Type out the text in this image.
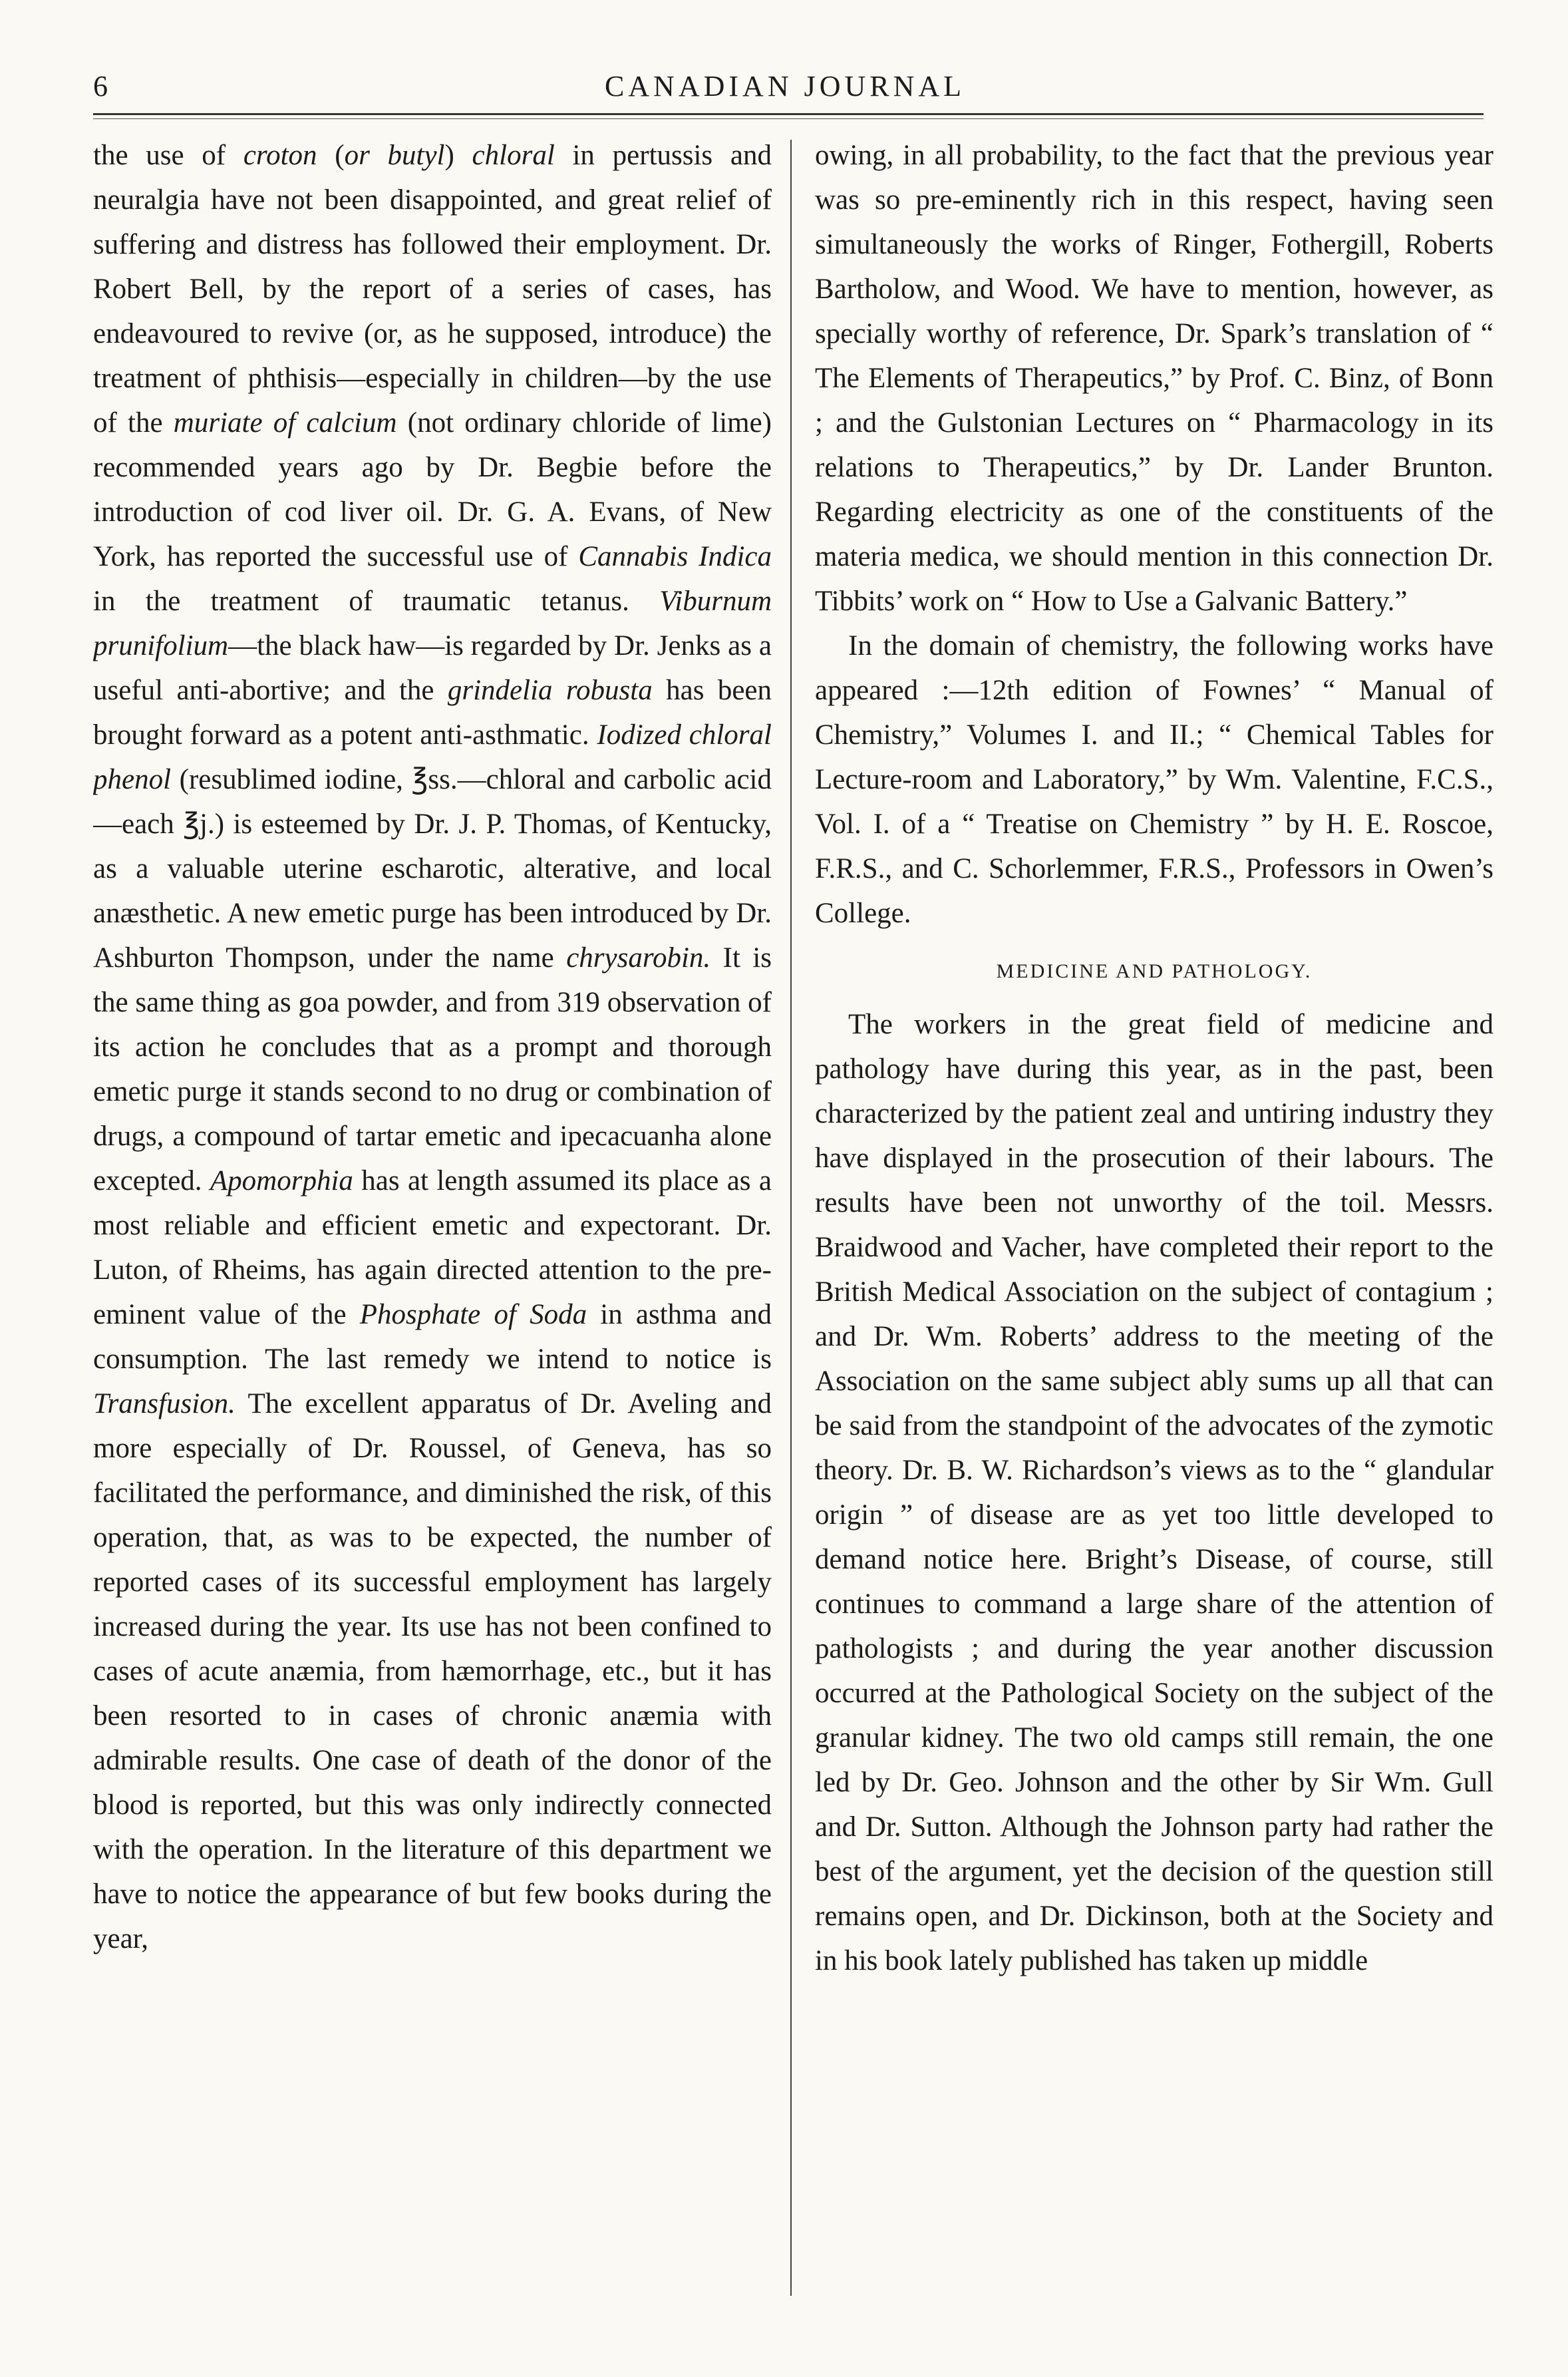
6	CANADIAN JOURNAL

the use of croton (or butyl) chloral in pertussis and neuralgia have not been disappointed, and great relief of suffering and distress has followed their employment. Dr. Robert Bell, by the report of a series of cases, has endeavoured to revive (or, as he supposed, introduce) the treatment of phthisis—especially in children—by the use of the muriate of calcium (not ordinary chloride of lime) recommended years ago by Dr. Begbie before the introduction of cod liver oil. Dr. G. A. Evans, of New York, has reported the successful use of Cannabis Indica in the treatment of traumatic tetanus. Viburnum prunifolium—the black haw—is regarded by Dr. Jenks as a useful anti-abortive; and the grindelia robusta has been brought forward as a potent anti-asthmatic. Iodized chloral phenol (resublimed iodine, ℥ss.—chloral and carbolic acid—each ℥j.) is esteemed by Dr. J. P. Thomas, of Kentucky, as a valuable uterine escharotic, alterative, and local anæsthetic. A new emetic purge has been introduced by Dr. Ashburton Thompson, under the name chrysarobin. It is the same thing as goa powder, and from 319 observation of its action he concludes that as a prompt and thorough emetic purge it stands second to no drug or combination of drugs, a compound of tartar emetic and ipecacuanha alone excepted. Apomorphia has at length assumed its place as a most reliable and efficient emetic and expectorant. Dr. Luton, of Rheims, has again directed attention to the pre-eminent value of the Phosphate of Soda in asthma and consumption. The last remedy we intend to notice is Transfusion. The excellent apparatus of Dr. Aveling and more especially of Dr. Roussel, of Geneva, has so facilitated the performance, and diminished the risk, of this operation, that, as was to be expected, the number of reported cases of its successful employment has largely increased during the year. Its use has not been confined to cases of acute anæmia, from hæmorrhage, etc., but it has been resorted to in cases of chronic anæmia with admirable results. One case of death of the donor of the blood is reported, but this was only indirectly connected with the operation. In the literature of this department we have to notice the appearance of but few books during the year,

owing, in all probability, to the fact that the previous year was so pre-eminently rich in this respect, having seen simultaneously the works of Ringer, Fothergill, Roberts Bartholow, and Wood. We have to mention, however, as specially worthy of reference, Dr. Spark’s translation of “ The Elements of Therapeutics,” by Prof. C. Binz, of Bonn ; and the Gulstonian Lectures on “ Pharmacology in its relations to Therapeutics,” by Dr. Lander Brunton. Regarding electricity as one of the constituents of the materia medica, we should mention in this connection Dr. Tibbits’ work on “ How to Use a Galvanic Battery.”

In the domain of chemistry, the following works have appeared :—12th edition of Fownes’ “ Manual of Chemistry,” Volumes I. and II.; “ Chemical Tables for Lecture-room and Laboratory,” by Wm. Valentine, F.C.S., Vol. I. of a “ Treatise on Chemistry ” by H. E. Roscoe, F.R.S., and C. Schorlemmer, F.R.S., Professors in Owen’s College.

MEDICINE AND PATHOLOGY.

The workers in the great field of medicine and pathology have during this year, as in the past, been characterized by the patient zeal and untiring industry they have displayed in the prosecution of their labours. The results have been not unworthy of the toil. Messrs. Braidwood and Vacher, have completed their report to the British Medical Association on the subject of contagium ; and Dr. Wm. Roberts’ address to the meeting of the Association on the same subject ably sums up all that can be said from the standpoint of the advocates of the zymotic theory. Dr. B. W. Richardson’s views as to the “ glandular origin ” of disease are as yet too little developed to demand notice here. Bright’s Disease, of course, still continues to command a large share of the attention of pathologists ; and during the year another discussion occurred at the Pathological Society on the subject of the granular kidney. The two old camps still remain, the one led by Dr. Geo. Johnson and the other by Sir Wm. Gull and Dr. Sutton. Although the Johnson party had rather the best of the argument, yet the decision of the question still remains open, and Dr. Dickinson, both at the Society and in his book lately published has taken up middle
